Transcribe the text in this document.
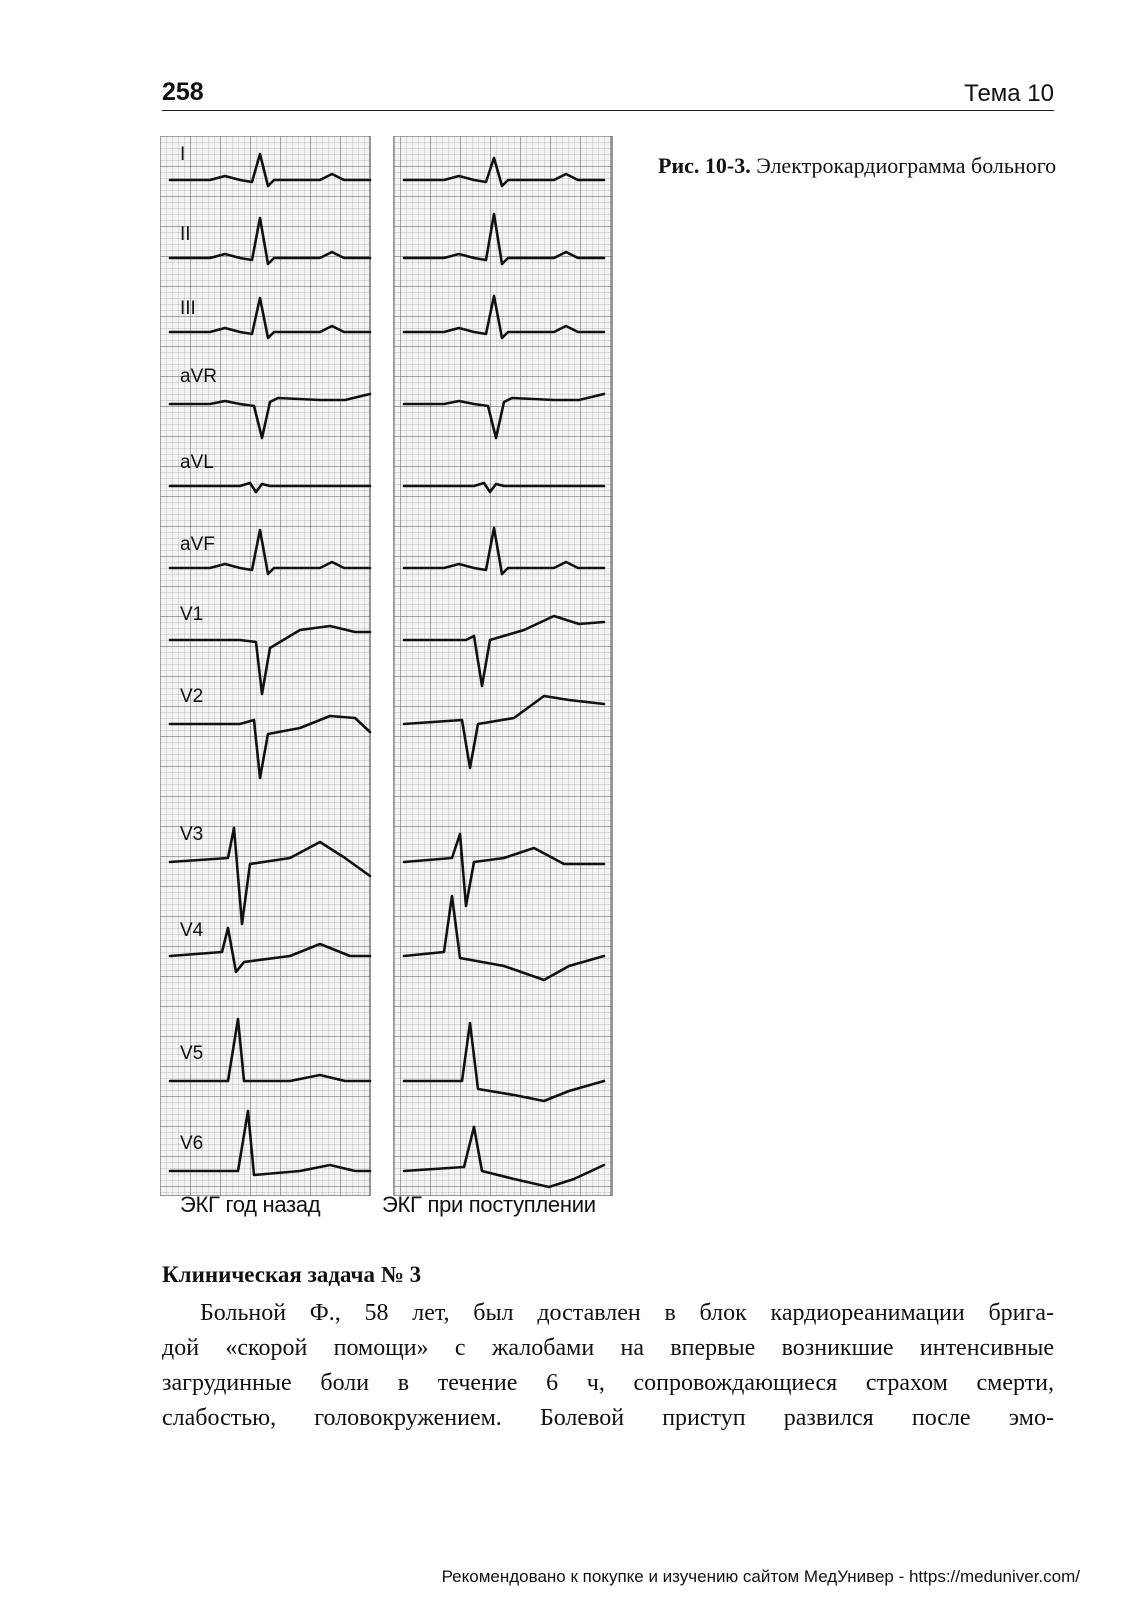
258	Тема 10
Рис. 10-3. Электрокардиограмма больного
I
II
III
aVR
aVL
aVF
V1
V2
V3
V4
V5
V6
ЭКГ год назад	ЭКГ при поступлении
Клиническая задача № 3
Больной Ф., 58 лет, был доставлен в блок кардиореанимации брига-
дой «скорой помощи» с жалобами на впервые возникшие интенсивные
загрудинные боли в течение 6 ч, сопровождающиеся страхом смерти,
слабостью, головокружением. Болевой приступ развился после эмо-
Рекомендовано к покупке и изучению сайтом МедУнивер - https://meduniver.com/
